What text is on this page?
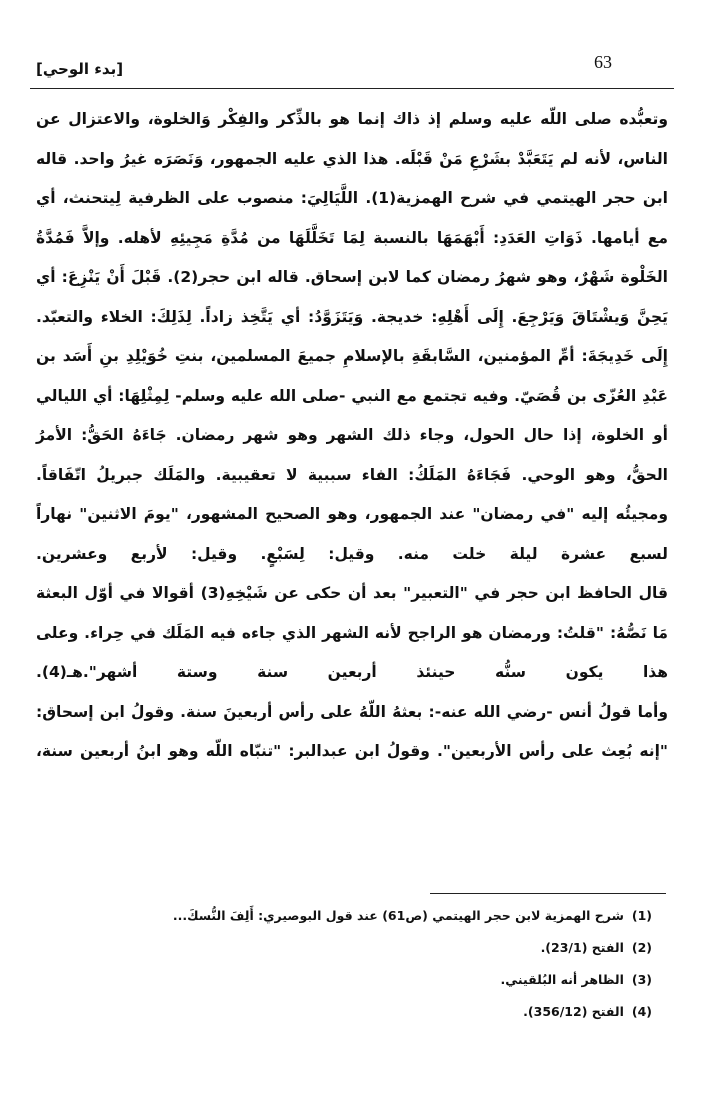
63
[بدء الوحي]

وتعبُّده صلى اللّه عليه وسلم إذ ذاك إنما هو بالذِّكر والفِكْر وَالخلوة، والاعتزال عن الناس، لأنه لم يَتَعَبَّدْ بشَرْعِ مَنْ قَبْلَه. هذا الذي عليه الجمهور، وَنَصَرَه غيرُ واحد. قاله ابن حجر الهيتمي في شرح الهمزية(1). اللَّيَالِيَ: منصوب على الظرفية لِيتحنث، أي مع أيامها. ذَوَاتِ العَدَدِ: أَبْهَمَهَا بالنسبة لِمَا تَخَلَّلَهَا من مُدَّةِ مَجِيئِهِ لأهله. وإلاَّ فَمُدَّةُ الخَلْوة شَهْرٌ، وهو شهرُ رمضان كما لابن إسحاق. قاله ابن حجر(2). قَبْلَ أَنْ يَنْزِعَ: أي يَحِنَّ وَيشْتَاقَ وَيَرْجِعَ. إِلَى أَهْلِهِ: خديجة. وَيَتَزَوَّدُ: أي يَتَّخِذ زاداً. لِذَلِكَ: الخلاء والتعبّد. إِلَى خَدِيجَةَ: أمِّ المؤمنين، السَّابقَةِ بالإسلامِ جميعَ المسلمين، بنتِ خُوَيْلِدِ بنِ أَسَد بن عَبْدِ العُزّى بن قُصَيّ. وفيه تجتمع مع النبي -صلى الله عليه وسلم- لِمِثْلِهَا: أي الليالي أو الخلوة، إذا حال الحول، وجاء ذلك الشهر وهو شهر رمضان. جَاءَهُ الحَقُّ: الأمرُ الحقُّ، وهو الوحي. فَجَاءَهُ المَلَكُ: الفاء سببية لا تعقيبية. والمَلَك جبريلُ اتّفَاقاً. ومجيئُه إليه "في رمضان" عند الجمهور، وهو الصحيح المشهور، "يومَ الاثنين" نهاراً لسبع عشرة ليلة خلت منه. وقيل: لِسَبْعٍ. وقيل: لأربع وعشرين.

قال الحافظ ابن حجر في "التعبير" بعد أن حكى عن شَيْخِهِ(3) أقوالا في أوّل البعثة مَا نَصُّهُ: "قلتُ: ورمضان هو الراجح لأنه الشهر الذي جاءه فيه المَلَك في حِراء. وعلى هذا يكون سنُّه حينئذ أربعين سنة وستة أشهر".هـ(4).

وأما قولُ أنس -رضي الله عنه-: بعثهُ اللّهُ على رأس أربعينَ سنة. وقولُ ابن إسحاق: "إنه بُعِث على رأس الأربعين". وقولُ ابن عبدالبر: "تنبّاه اللّه وهو ابنُ أربعين سنة،

(1)شرح الهمزية لابن حجر الهيتمي (ص61) عند قول البوصيري: أَلِفَ النُّسكَ...
(2)الفتح (23/1).
(3)الظاهر أنه البُلقيني.
(4)الفتح (356/12).
